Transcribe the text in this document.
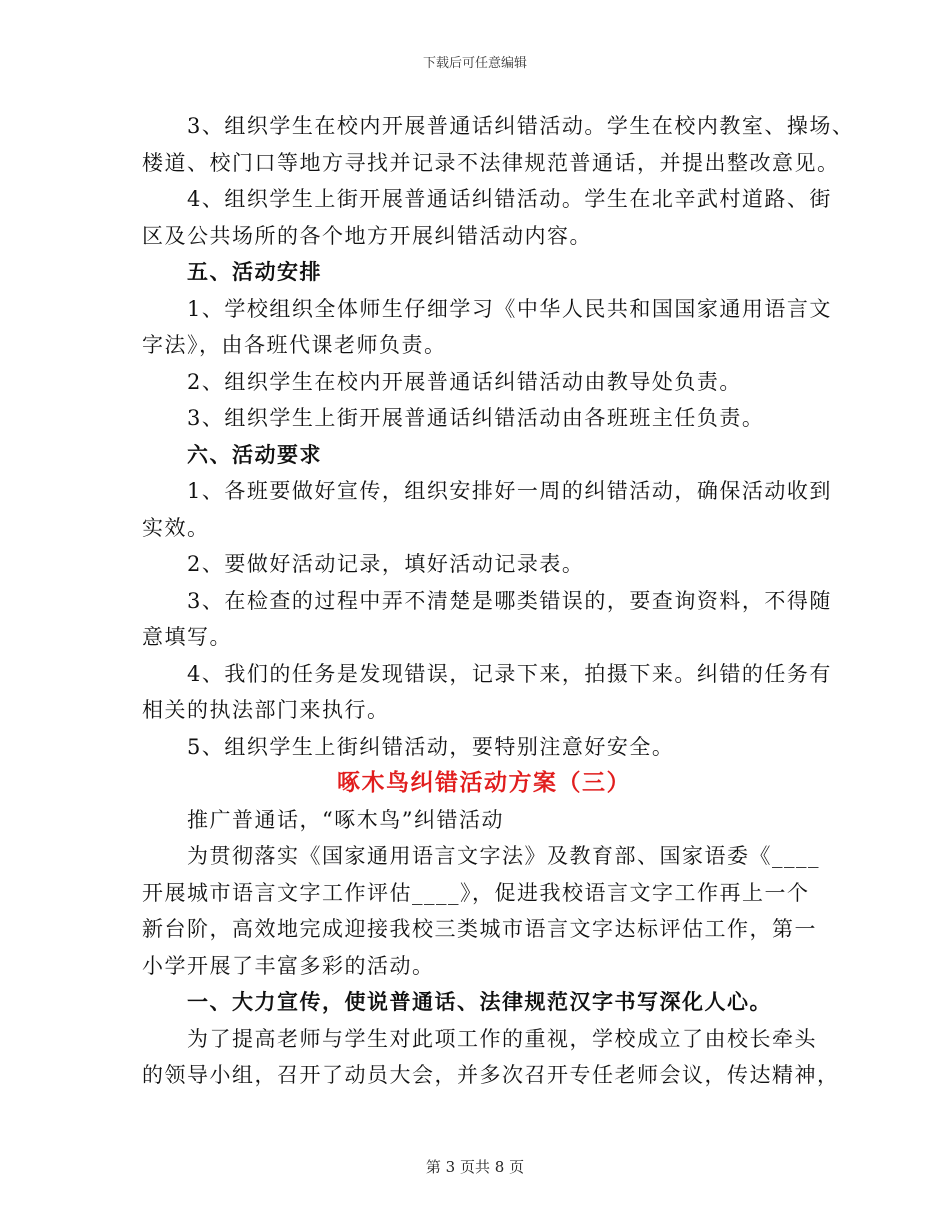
下载后可任意编辑

3、组织学生在校内开展普通话纠错活动。学生在校内教室、操场、

楼道、校门口等地方寻找并记录不法律规范普通话，并提出整改意见。

4、组织学生上街开展普通话纠错活动。学生在北辛武村道路、街

区及公共场所的各个地方开展纠错活动内容。

五、活动安排

1、学校组织全体师生仔细学习《中华人民共和国国家通用语言文

字法》，由各班代课老师负责。

2、组织学生在校内开展普通话纠错活动由教导处负责。

3、组织学生上街开展普通话纠错活动由各班班主任负责。

六、活动要求

1、各班要做好宣传，组织安排好一周的纠错活动，确保活动收到

实效。

2、要做好活动记录，填好活动记录表。

3、在检查的过程中弄不清楚是哪类错误的，要查询资料，不得随

意填写。

4、我们的任务是发现错误，记录下来，拍摄下来。纠错的任务有

相关的执法部门来执行。

5、组织学生上街纠错活动，要特别注意好安全。

啄木鸟纠错活动方案（三）

推广普通话，“啄木鸟”纠错活动

为贯彻落实《国家通用语言文字法》及教育部、国家语委《____

开展城市语言文字工作评估____》，促进我校语言文字工作再上一个

新台阶，高效地完成迎接我校三类城市语言文字达标评估工作，第一

小学开展了丰富多彩的活动。

一、大力宣传，使说普通话、法律规范汉字书写深化人心。

为了提高老师与学生对此项工作的重视，学校成立了由校长牵头

的领导小组，召开了动员大会，并多次召开专任老师会议，传达精神，

第 3 页共 8 页
